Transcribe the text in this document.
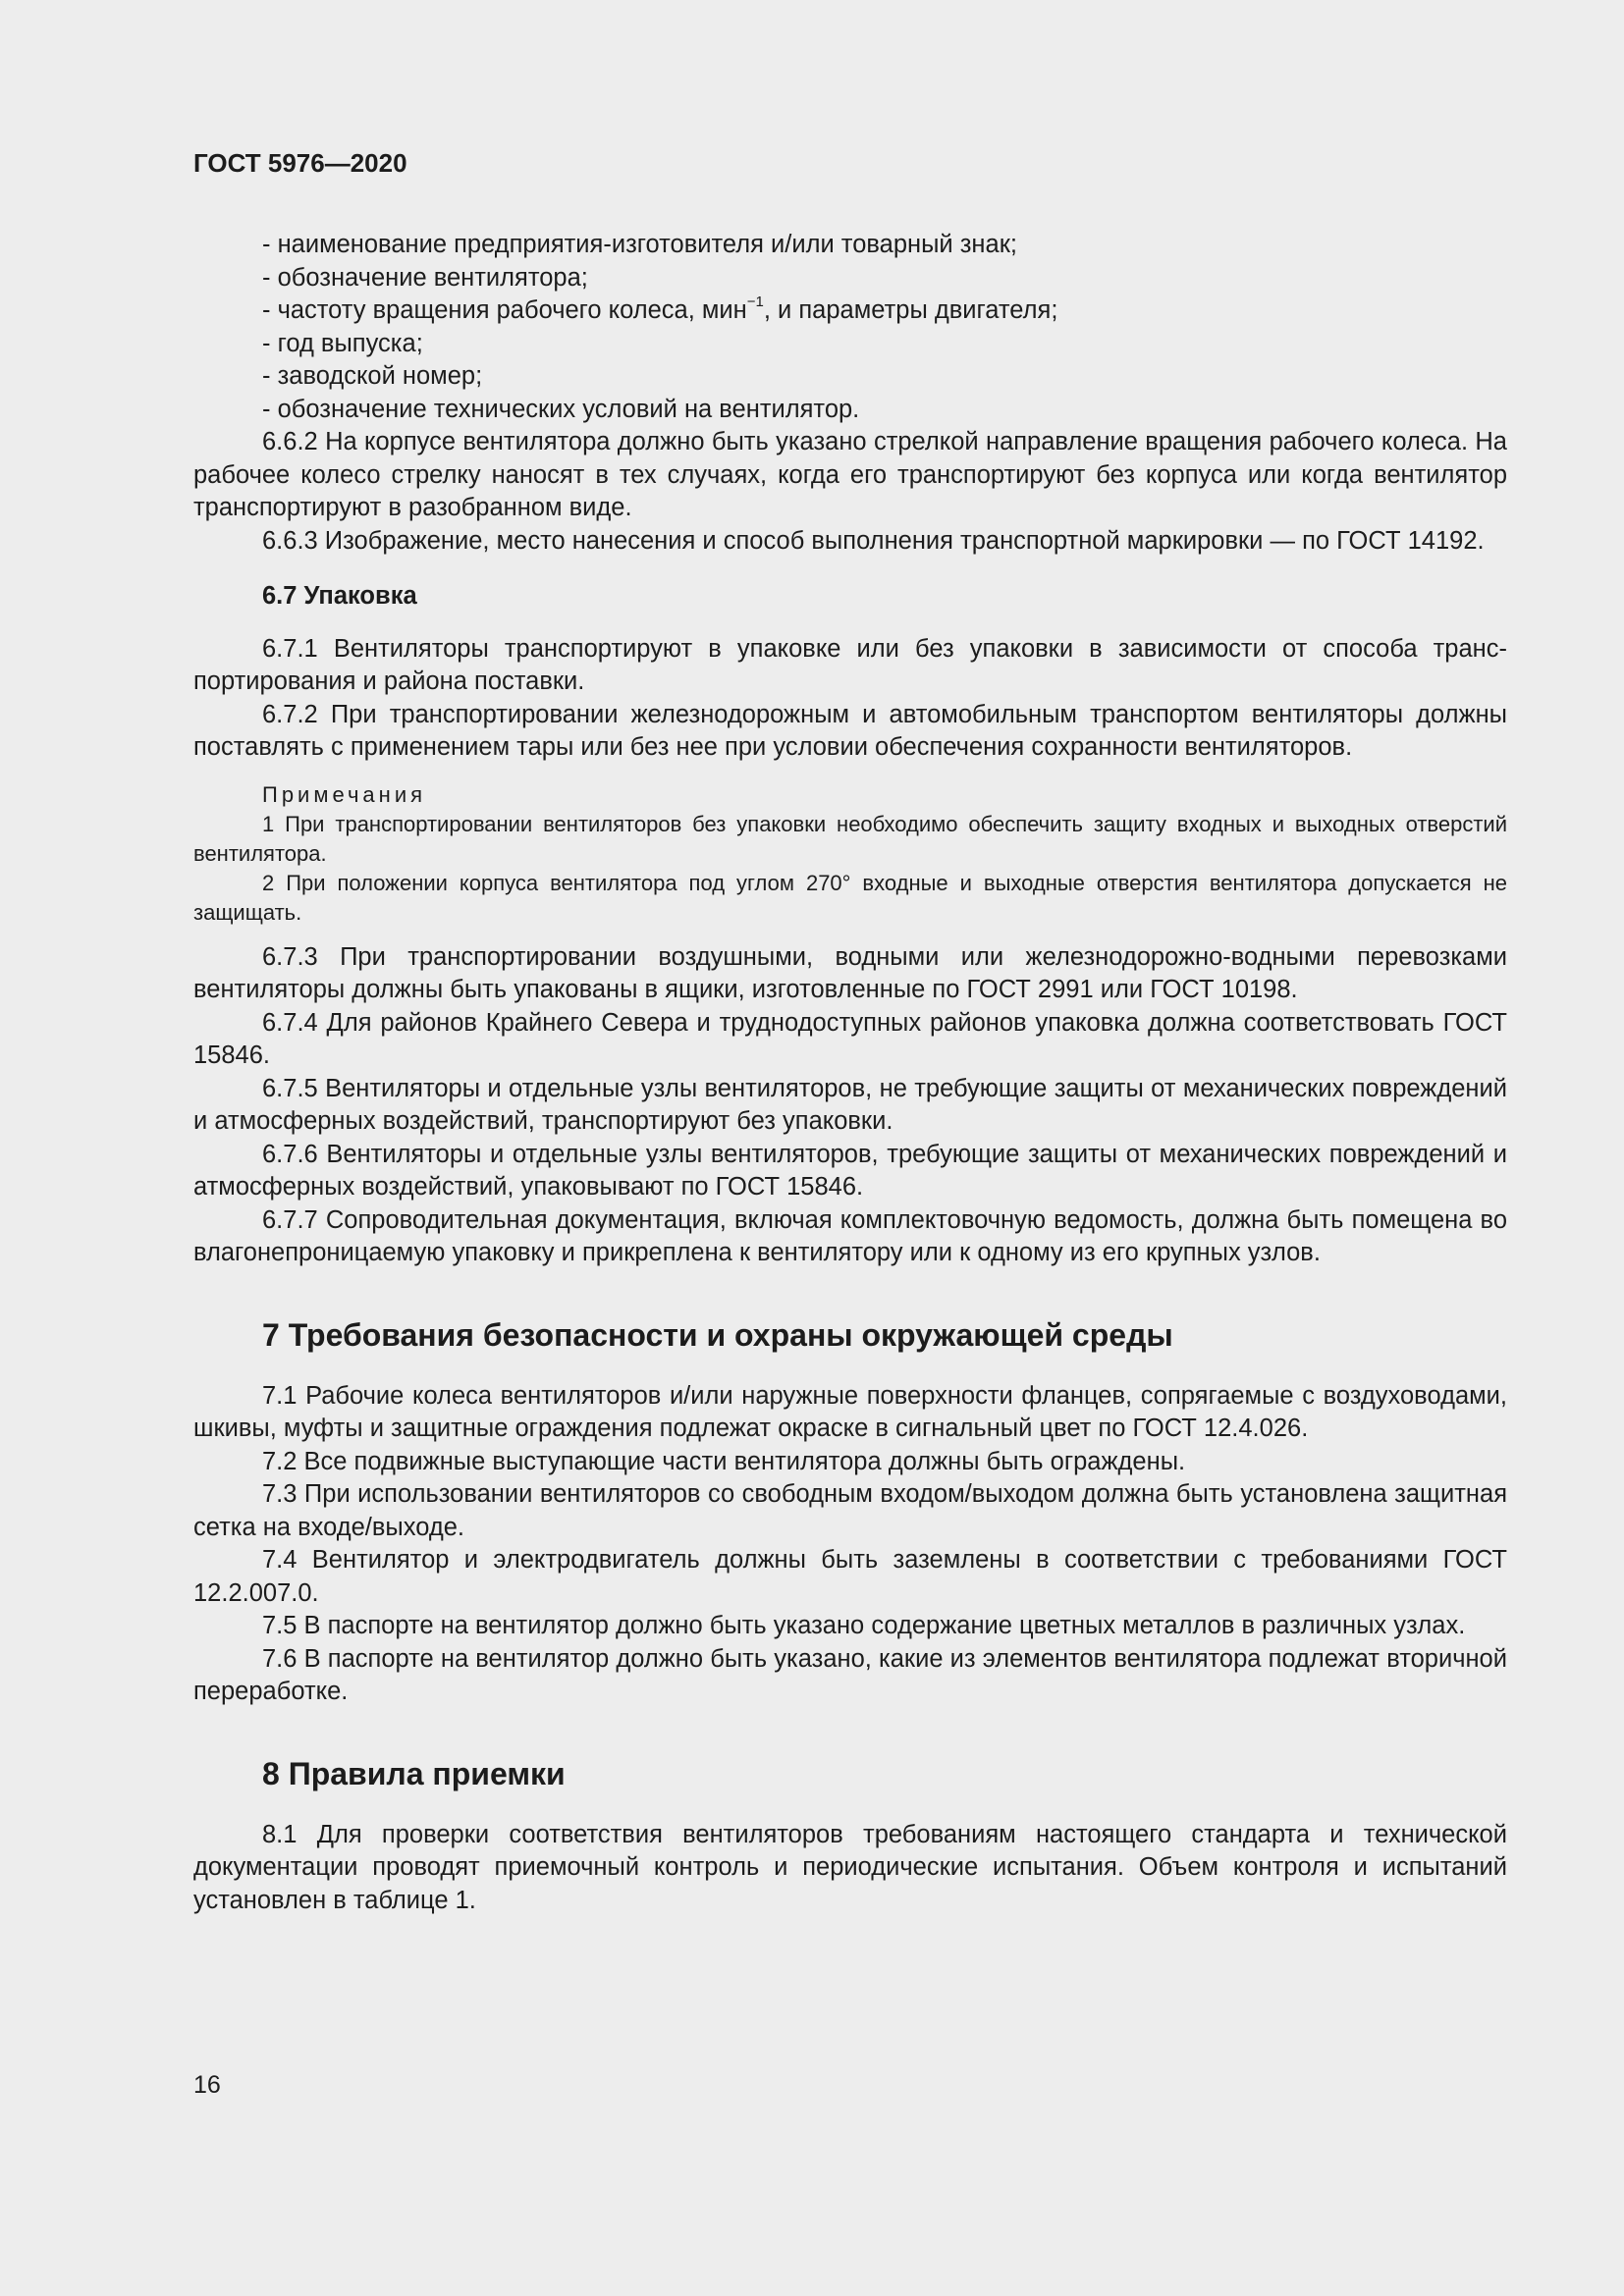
ГОСТ 5976—2020

- наименование предприятия-изготовителя и/или товарный знак;

- обозначение вентилятора;

- частоту вращения рабочего колеса, мин$^{-1}$, и параметры двигателя;

- год выпуска;

- заводской номер;

- обозначение технических условий на вентилятор.

6.6.2 На корпусе вентилятора должно быть указано стрелкой направление вращения рабочего колеса. На рабочее колесо стрелку наносят в тех случаях, когда его транспортируют без корпуса или когда вентилятор транспортируют в разобранном виде.

6.6.3 Изображение, место нанесения и способ выполнения транспортной маркировки — по ГОСТ 14192.

6.7 Упаковка

6.7.1 Вентиляторы транспортируют в упаковке или без упаковки в зависимости от способа транспортирования и района поставки.

6.7.2 При транспортировании железнодорожным и автомобильным транспортом вентиляторы должны поставлять с применением тары или без нее при условии обеспечения сохранности вентиляторов.

Примечания

1 При транспортировании вентиляторов без упаковки необходимо обеспечить защиту входных и выходных отверстий вентилятора.

2 При положении корпуса вентилятора под углом 270° входные и выходные отверстия вентилятора допускается не защищать.

6.7.3 При транспортировании воздушными, водными или железнодорожно-водными перевозками вентиляторы должны быть упакованы в ящики, изготовленные по ГОСТ 2991 или ГОСТ 10198.

6.7.4 Для районов Крайнего Севера и труднодоступных районов упаковка должна соответствовать ГОСТ 15846.

6.7.5 Вентиляторы и отдельные узлы вентиляторов, не требующие защиты от механических повреждений и атмосферных воздействий, транспортируют без упаковки.

6.7.6 Вентиляторы и отдельные узлы вентиляторов, требующие защиты от механических повреждений и атмосферных воздействий, упаковывают по ГОСТ 15846.

6.7.7 Сопроводительная документация, включая комплектовочную ведомость, должна быть помещена во влагонепроницаемую упаковку и прикреплена к вентилятору или к одному из его крупных узлов.

7 Требования безопасности и охраны окружающей среды

7.1 Рабочие колеса вентиляторов и/или наружные поверхности фланцев, сопрягаемые с воздуховодами, шкивы, муфты и защитные ограждения подлежат окраске в сигнальный цвет по ГОСТ 12.4.026.

7.2 Все подвижные выступающие части вентилятора должны быть ограждены.

7.3 При использовании вентиляторов со свободным входом/выходом должна быть установлена защитная сетка на входе/выходе.

7.4 Вентилятор и электродвигатель должны быть заземлены в соответствии с требованиями ГОСТ 12.2.007.0.

7.5 В паспорте на вентилятор должно быть указано содержание цветных металлов в различных узлах.

7.6 В паспорте на вентилятор должно быть указано, какие из элементов вентилятора подлежат вторичной переработке.

8 Правила приемки

8.1 Для проверки соответствия вентиляторов требованиям настоящего стандарта и технической документации проводят приемочный контроль и периодические испытания. Объем контроля и испытаний установлен в таблице 1.

16
